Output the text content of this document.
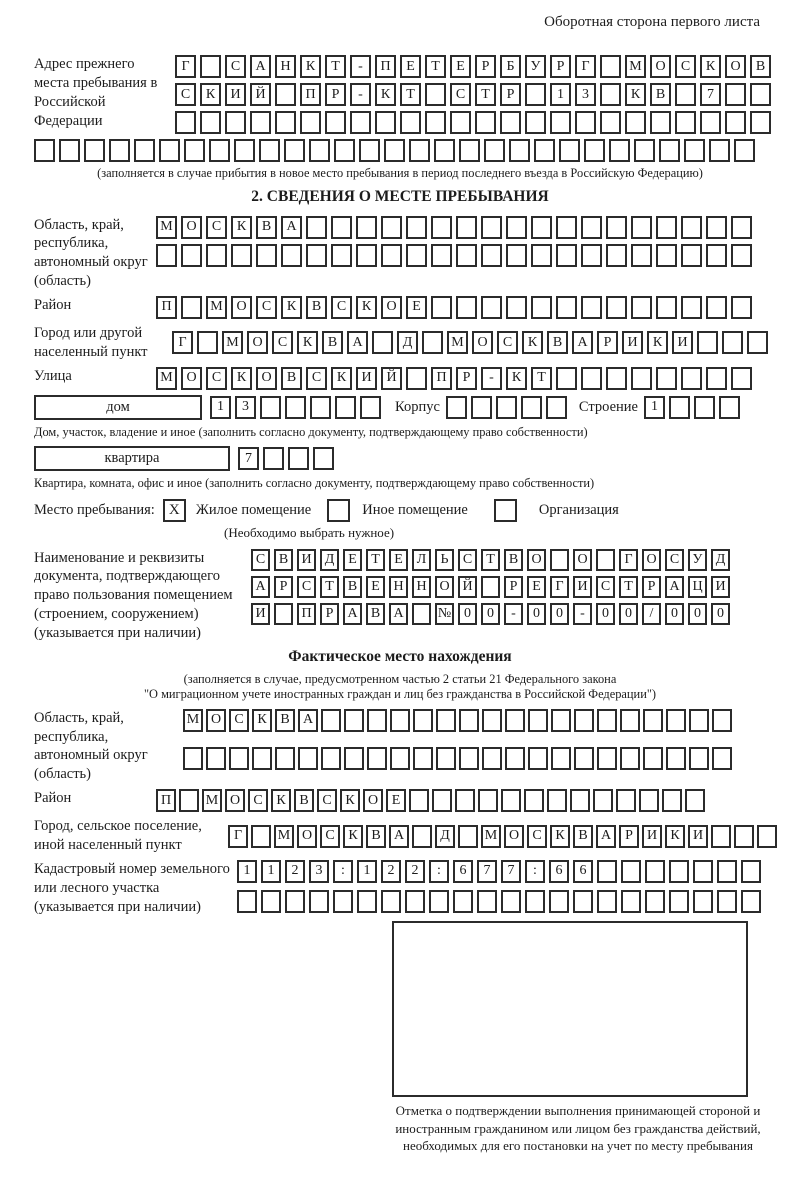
Оборотная сторона первого листа
Адрес прежнего места пребывания в Российской Федерации
Г	С	А	Н	К	Т	-	П	Е	Т	Е	Р	Б	У	Р	Г	М О	С	К	О	В
С	К	И	Й	П	Р	-	К	Т	С	Т	Р	1	3	К	В	7
(заполняется в случае прибытия в новое место пребывания в период последнего въезда в Российскую Федерацию)
2. СВЕДЕНИЯ О МЕСТЕ ПРЕБЫВАНИЯ
Область, край, республика, автономный округ (область)
М О	С	К	В	А
Район	П	М О	С	К	В	С	К	О	Е
Город или другой населенный пункт
Г	М О	С	К	В	А	Д	М О	С	К	В	А	Р	И	К	И
Улица	М О	С	К	О	В	С	К	И	Й	П	Р	-	К	Т
дом	1	3	Корпус	Строение 1
Дом, участок, владение и иное (заполнить согласно документу, подтверждающему право собственности)
квартира	7
Квартира, комната, офис и иное (заполнить согласно документу, подтверждающему право собственности)
Место пребывания: X	Жилое помещение	Иное помещение	Организация
(Необходимо выбрать нужное)
Наименование и реквизиты документа, подтверждающего право пользования помещением (строением, сооружением) (указывается при наличии)
С В И Д Е	Т	Е Л	Ь	С	Т	В О	О	Г О С У Д
А	Р	С	Т	В	Е Н Н О Й	Р	Е	Г И С	Т	Р	А Ц И
И	П	Р	А В А	№ 0	0	-	0	0	-	0	0	/	0	0	0
Фактическое место нахождения
(заполняется в случае, предусмотренном частью 2 статьи 21 Федерального закона
"О миграционном учете иностранных граждан и лиц без гражданства в Российской Федерации")
Область, край, республика, автономный округ (область)
М О С К В А
Район	П	М О С К В С К О Е
Город, сельское поселение, иной населенный пункт
Г	М О С К В А	Д	М О С К В А	Р	И К И
Кадастровый номер земельного или лесного участка (указывается при наличии)
1	1	2	3	:	1	2	2	:	6	7	7	:	6	6
Отметка о подтверждении выполнения принимающей стороной и иностранным гражданином или лицом без гражданства действий, необходимых для его постановки на учет по месту пребывания
